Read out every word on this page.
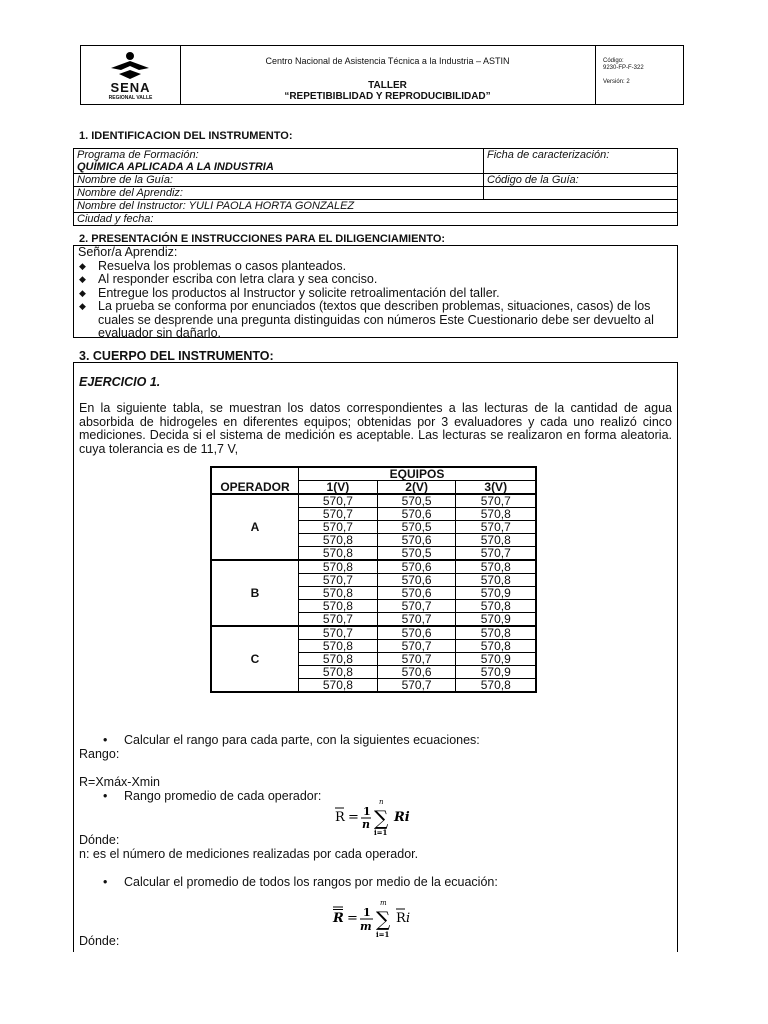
SENA
REGIONAL VALLE
Centro Nacional de Asistencia Técnica a la Industria – ASTIN
TALLER
“REPETIBIBLIDAD Y REPRODUCIBILIDAD”
Código:
9230-FP-F-322
Versión: 2
1. IDENTIFICACION DEL INSTRUMENTO:
Programa de Formación:
QUÍMICA APLICADA A LA INDUSTRIA	Ficha de caracterización:
Nombre de la Guía:	Código de la Guía:
Nombre del Aprendiz:	
Nombre del Instructor: YULI PAOLA HORTA GONZALEZ	
Ciudad y fecha:	
2. PRESENTACIÓN E INSTRUCCIONES PARA EL DILIGENCIAMIENTO:
Señor/a Aprendiz:
◆ Resuelva los problemas o casos planteados.
◆ Al responder escriba con letra clara y sea conciso.
◆ Entregue los productos al Instructor y solicite retroalimentación del taller.
◆ La prueba se conforma por enunciados (textos que describen problemas, situaciones, casos) de los cuales se desprende una pregunta distinguidas con números Este Cuestionario debe ser devuelto al evaluador sin dañarlo.
3. CUERPO DEL INSTRUMENTO:
EJERCICIO 1.
En la siguiente tabla, se muestran los datos correspondientes a las lecturas de la cantidad de agua absorbida de hidrogeles en diferentes equipos; obtenidas por 3 evaluadores y cada uno realizó cinco mediciones. Decida si el sistema de medición es aceptable. Las lecturas se realizaron en forma aleatoria. cuya tolerancia es de 11,7 V,
	EQUIPOS		
OPERADOR	1(V)	2(V)	3(V)
A	570,7	570,5	570,7
	570,7	570,6	570,8
	570,7	570,5	570,7
	570,8	570,6	570,8
	570,8	570,5	570,7
B	570,8	570,6	570,8
	570,7	570,6	570,8
	570,8	570,6	570,9
	570,8	570,7	570,8
	570,7	570,7	570,9
C	570,7	570,6	570,8
	570,8	570,7	570,8
	570,8	570,7	570,9
	570,8	570,6	570,9
	570,8	570,7	570,8
• Calcular el rango para cada parte, con la siguientes ecuaciones:
Rango:
R=Xmáx-Xmin
• Rango promedio de cada operador:
R = 1
n
n
∑
i=1
Ri
Dónde:
n: es el número de mediciones realizadas por cada operador.
• Calcular el promedio de todos los rangos por medio de la ecuación:
R = 1
m
m
∑
i=1
R i
Dónde:
